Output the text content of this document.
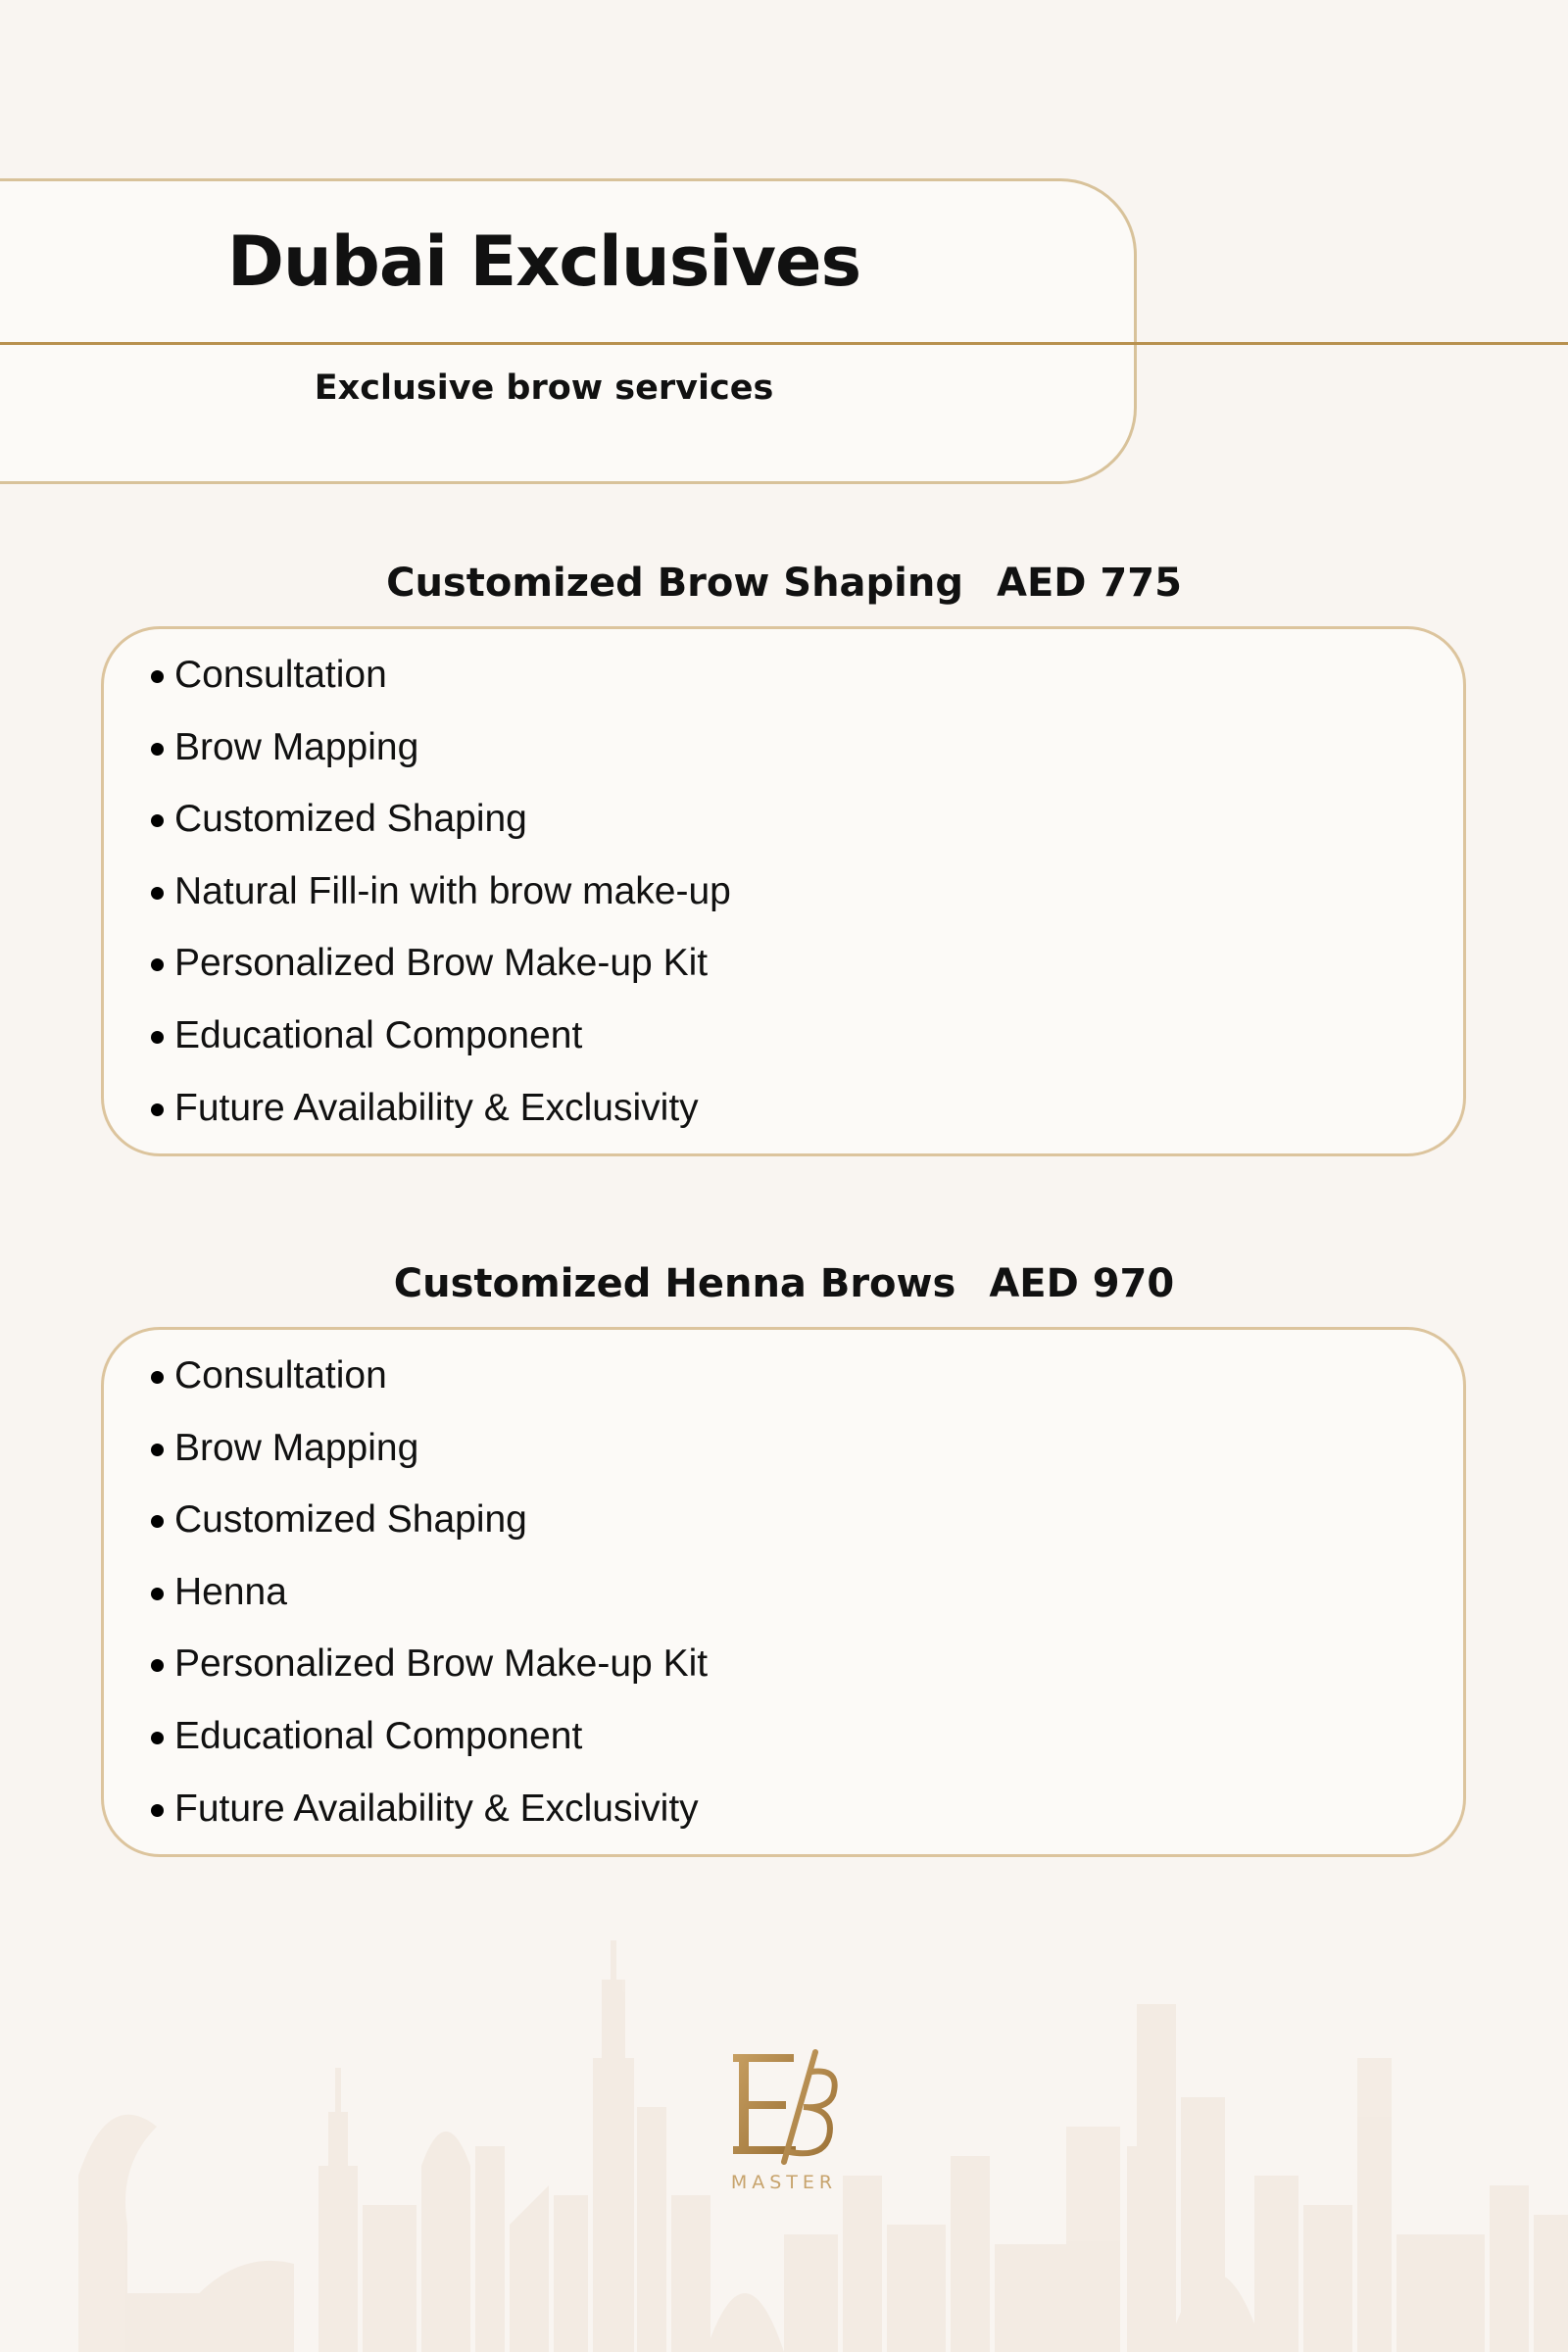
Dubai Exclusives
Exclusive brow services
Customized Brow Shaping AED 775
Consultation
Brow Mapping
Customized Shaping
Natural Fill-in with brow make-up
Personalized Brow Make-up Kit
Educational Component
Future Availability & Exclusivity
Customized Henna Brows AED 970
Consultation
Brow Mapping
Customized Shaping
Henna
Personalized Brow Make-up Kit
Educational Component
Future Availability & Exclusivity
MASTER
